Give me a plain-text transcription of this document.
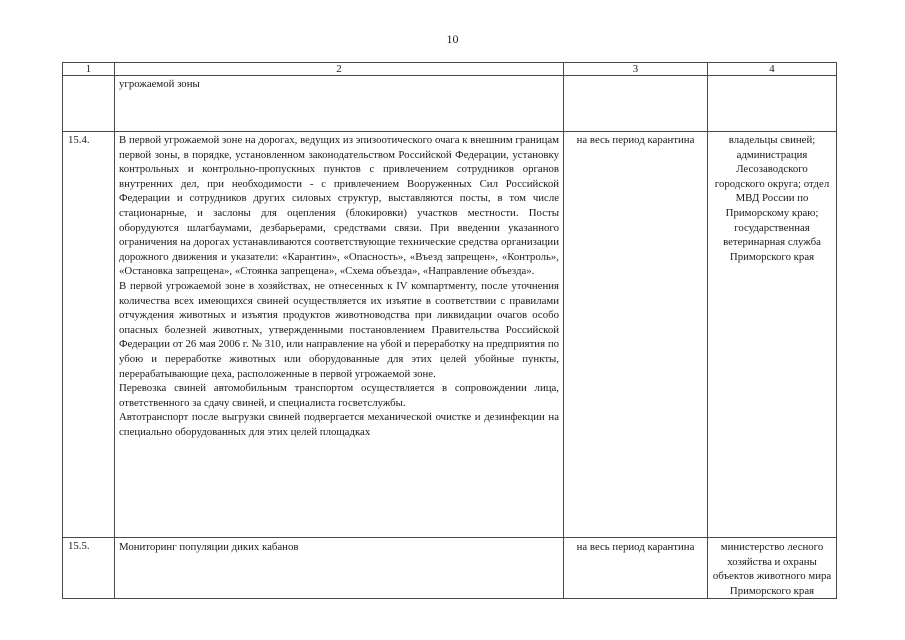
10
1	2	3	4

	угрожаемой зоны		

15.4.	В первой угрожаемой зоне на дорогах, ведущих из эпизоотического очага к внешним границам первой зоны, в порядке, установленном законодательством Российской Федерации, установку контрольных и контрольно-пропускных пунктов с привлечением сотрудников органов внутренних дел, при необходимости - с привлечением Вооруженных Сил Российской Федерации и сотрудников других силовых структур, выставляются посты, в том числе стационарные, и заслоны для оцепления (блокировки) участков местности. Посты оборудуются шлагбаумами, дезбарьерами, средствами связи. При введении указанного ограничения на дорогах устанавливаются соответствующие технические средства организации дорожного движения и указатели: «Карантин», «Опасность», «Въезд запрещен», «Контроль», «Остановка запрещена», «Стоянка запрещена», «Схема объезда», «Направление объезда».

В первой угрожаемой зоне в хозяйствах, не отнесенных к IV компартменту, после уточнения количества всех имеющихся свиней осуществляется их изъятие в соответствии с правилами отчуждения животных и изъятия продуктов животноводства при ликвидации очагов особо опасных болезней животных, утвержденными постановлением Правительства Российской Федерации от 26 мая 2006 г. № 310, или направление на убой и переработку на предприятия по убою и переработке животных или оборудованные для этих целей убойные пункты, перерабатывающие цеха, расположенные в первой угрожаемой зоне.

Перевозка свиней автомобильным транспортом осуществляется в сопровождении лица, ответственного за сдачу свиней, и специалиста госветслужбы.

Автотранспорт после выгрузки свиней подвергается механической очистке и дезинфекции на специально оборудованных для этих целей площадках	на весь период карантина	владельцы свиней; администрация Лесозаводского городского округа; отдел МВД России по Приморскому краю; государственная ветеринарная служба Приморского края

15.5.	Мониторинг популяции диких кабанов	на весь период карантина	министерство лесного хозяйства и охраны объектов животного мира Приморского края
